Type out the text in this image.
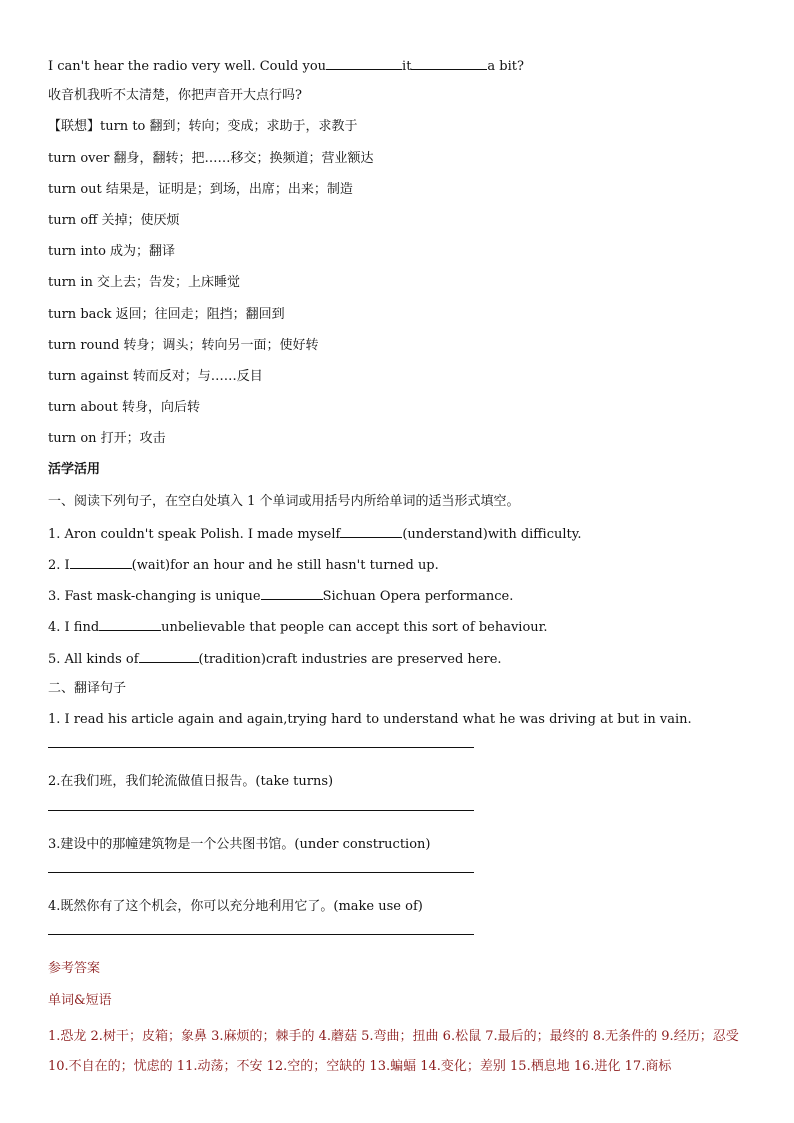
I can't hear the radio very well. Could you	it	a bit?
收音机我听不太清楚，你把声音开大点行吗?
【联想】turn to 翻到；转向；变成；求助于，求教于
turn over 翻身，翻转；把……移交；换频道；营业额达
turn out 结果是，证明是；到场，出席；出来；制造
turn off 关掉；使厌烦
turn into 成为；翻译
turn in 交上去；告发；上床睡觉
turn back 返回；往回走；阻挡；翻回到
turn round 转身；调头；转向另一面；使好转
turn against 转而反对；与……反目
turn about 转身，向后转
turn on 打开；攻击
活学活用
一、阅读下列句子，在空白处填入 1 个单词或用括号内所给单词的适当形式填空。
1. Aron couldn't speak Polish. I made myself	(understand)with difficulty.
2. I	(wait)for an hour and he still hasn't turned up.
3. Fast mask-changing is unique	Sichuan Opera performance.
4. I find	unbelievable that people can accept this sort of behaviour.
5. All kinds of	(tradition)craft industries are preserved here.
二、翻译句子
1. I read his article again and again,trying hard to understand what he was driving at but in vain.
2.在我们班，我们轮流做值日报告。(take turns)
3.建设中的那幢建筑物是一个公共图书馆。(under construction)
4.既然你有了这个机会，你可以充分地利用它了。(make use of)
参考答案
单词&短语
1.恐龙 2.树干；皮箱；象鼻 3.麻烦的；棘手的 4.蘑菇 5.弯曲；扭曲 6.松鼠 7.最后的；最终的 8.无条件的 9.经历；忍受 10.不自在的；忧虑的 11.动荡；不安 12.空的；空缺的 13.蝙蝠 14.变化；差别 15.栖息地 16.进化 17.商标
